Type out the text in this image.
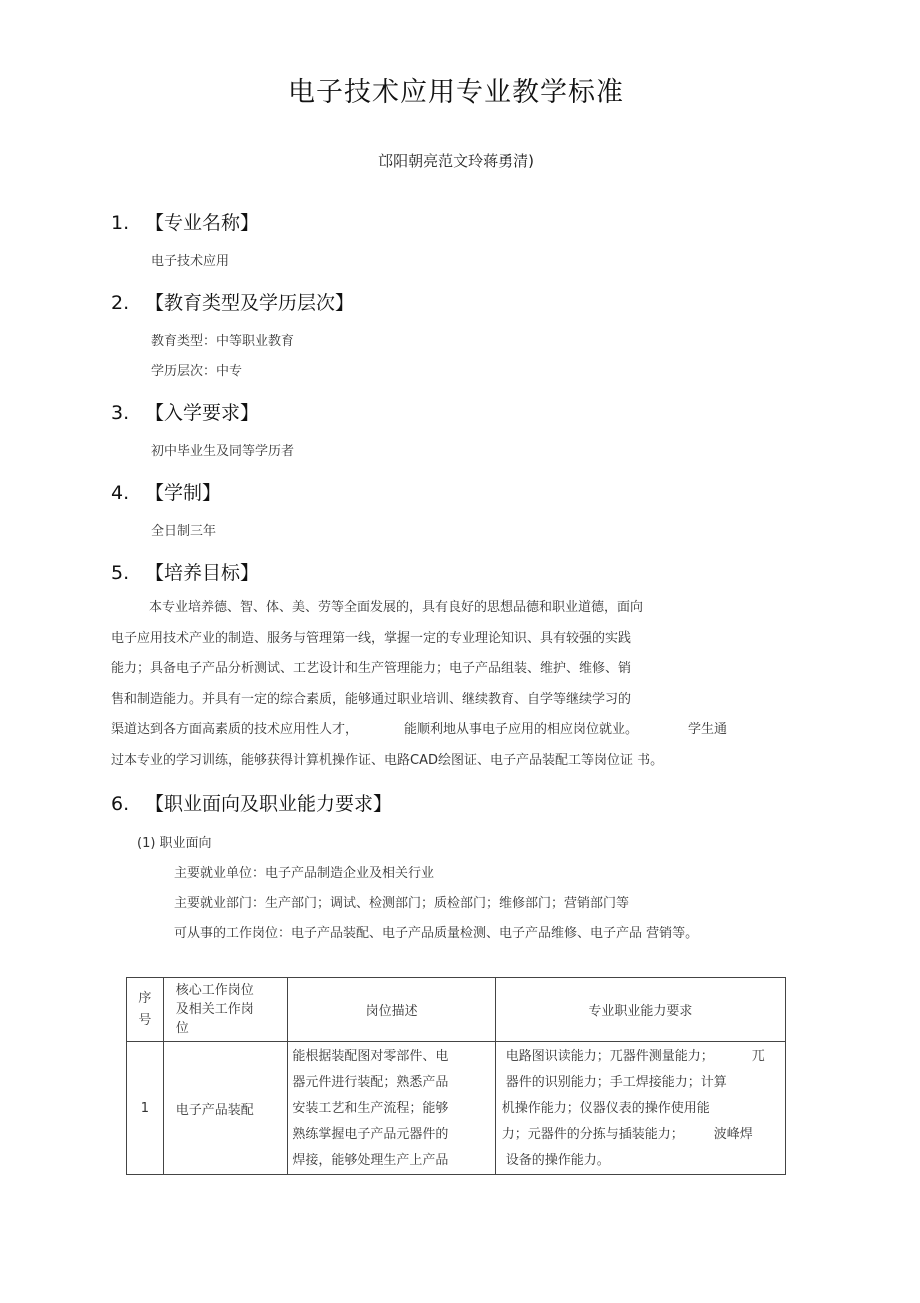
电子技术应用专业教学标准
邙阳朝亮范文玲蒋勇清)
1. 【专业名称】
电子技术应用
2. 【教育类型及学历层次】
教育类型：中等职业教育
学历层次：中专
3. 【入学要求】
初中毕业生及同等学历者
4. 【学制】
全日制三年
5. 【培养目标】
本专业培养德、智、体、美、劳等全面发展的，具有良好的思想品德和职业道德，面向
电子应用技术产业的制造、服务与管理第一线，掌握一定的专业理论知识、具有较强的实践
能力；具备电子产品分析测试、工艺设计和生产管理能力；电子产品组装、维护、维修、销
售和制造能力。并具有一定的综合素质，能够通过职业培训、继续教育、自学等继续学习的
渠道达到各方面高素质的技术应用性人才，	能顺利地从事电子应用的相应岗位就业。	学生通
过本专业的学习训练，能够获得计算机操作证、电路CAD绘图证、电子产品装配工等岗位证 书。
6. 【职业面向及职业能力要求】
(1) 职业面向
主要就业单位：电子产品制造企业及相关行业
主要就业部门：生产部门；调试、检测部门；质检部门；维修部门；营销部门等
可从事的工作岗位：电子产品装配、电子产品质量检测、电子产品维修、电子产品 营销等。
序
号	核心工作岗位
及相关工作岗
位	岗位描述	专业职业能力要求
1	电子产品装配	能根据装配图对零部件、电
器元件进行装配；熟悉产品
安装工艺和生产流程；能够
熟练掌握电子产品元器件的
焊接，能够处理生产上产品	电路图识读能力；兀器件测量能力； 兀
器件的识别能力；手工焊接能力；计算
机操作能力；仪器仪表的操作使用能
力；元器件的分拣与插装能力； 波峰焊
设备的操作能力。
